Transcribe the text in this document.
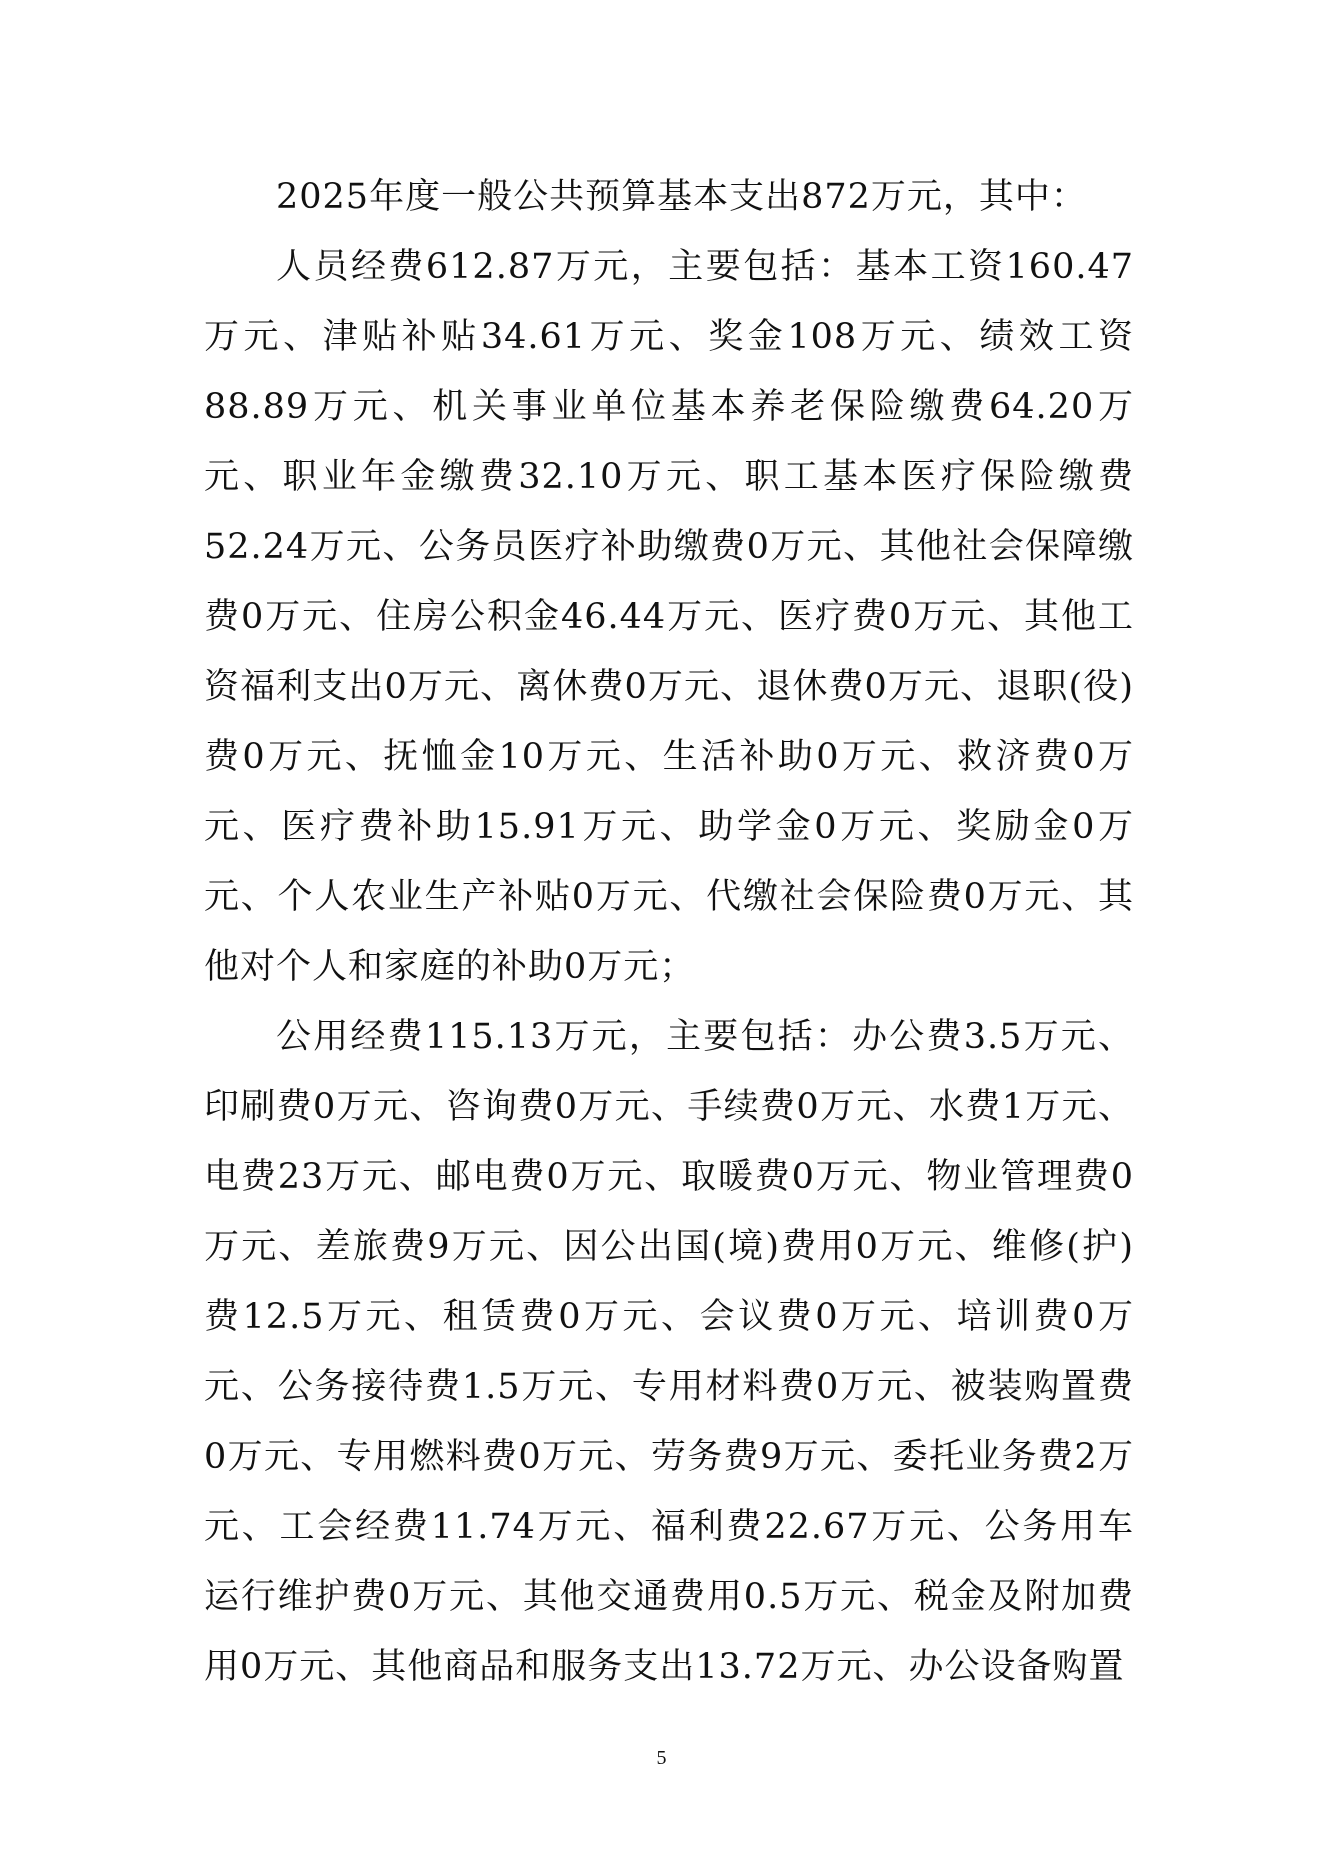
2025年度一般公共预算基本支出872万元，其中：

人员经费612.87万元，主要包括：基本工资160.47万元、津贴补贴34.61万元、奖金108万元、绩效工资88.89万元、机关事业单位基本养老保险缴费64.20万元、职业年金缴费32.10万元、职工基本医疗保险缴费52.24万元、公务员医疗补助缴费0万元、其他社会保障缴费0万元、住房公积金46.44万元、医疗费0万元、其他工资福利支出0万元、离休费0万元、退休费0万元、退职(役)费0万元、抚恤金10万元、生活补助0万元、救济费0万元、医疗费补助15.91万元、助学金0万元、奖励金0万元、个人农业生产补贴0万元、代缴社会保险费0万元、其他对个人和家庭的补助0万元；

公用经费115.13万元，主要包括：办公费3.5万元、印刷费0万元、咨询费0万元、手续费0万元、水费1万元、电费23万元、邮电费0万元、取暖费0万元、物业管理费0万元、差旅费9万元、因公出国(境)费用0万元、维修(护)费12.5万元、租赁费0万元、会议费0万元、培训费0万元、公务接待费1.5万元、专用材料费0万元、被装购置费0万元、专用燃料费0万元、劳务费9万元、委托业务费2万元、工会经费11.74万元、福利费22.67万元、公务用车运行维护费0万元、其他交通费用0.5万元、税金及附加费用0万元、其他商品和服务支出13.72万元、办公设备购置

5
